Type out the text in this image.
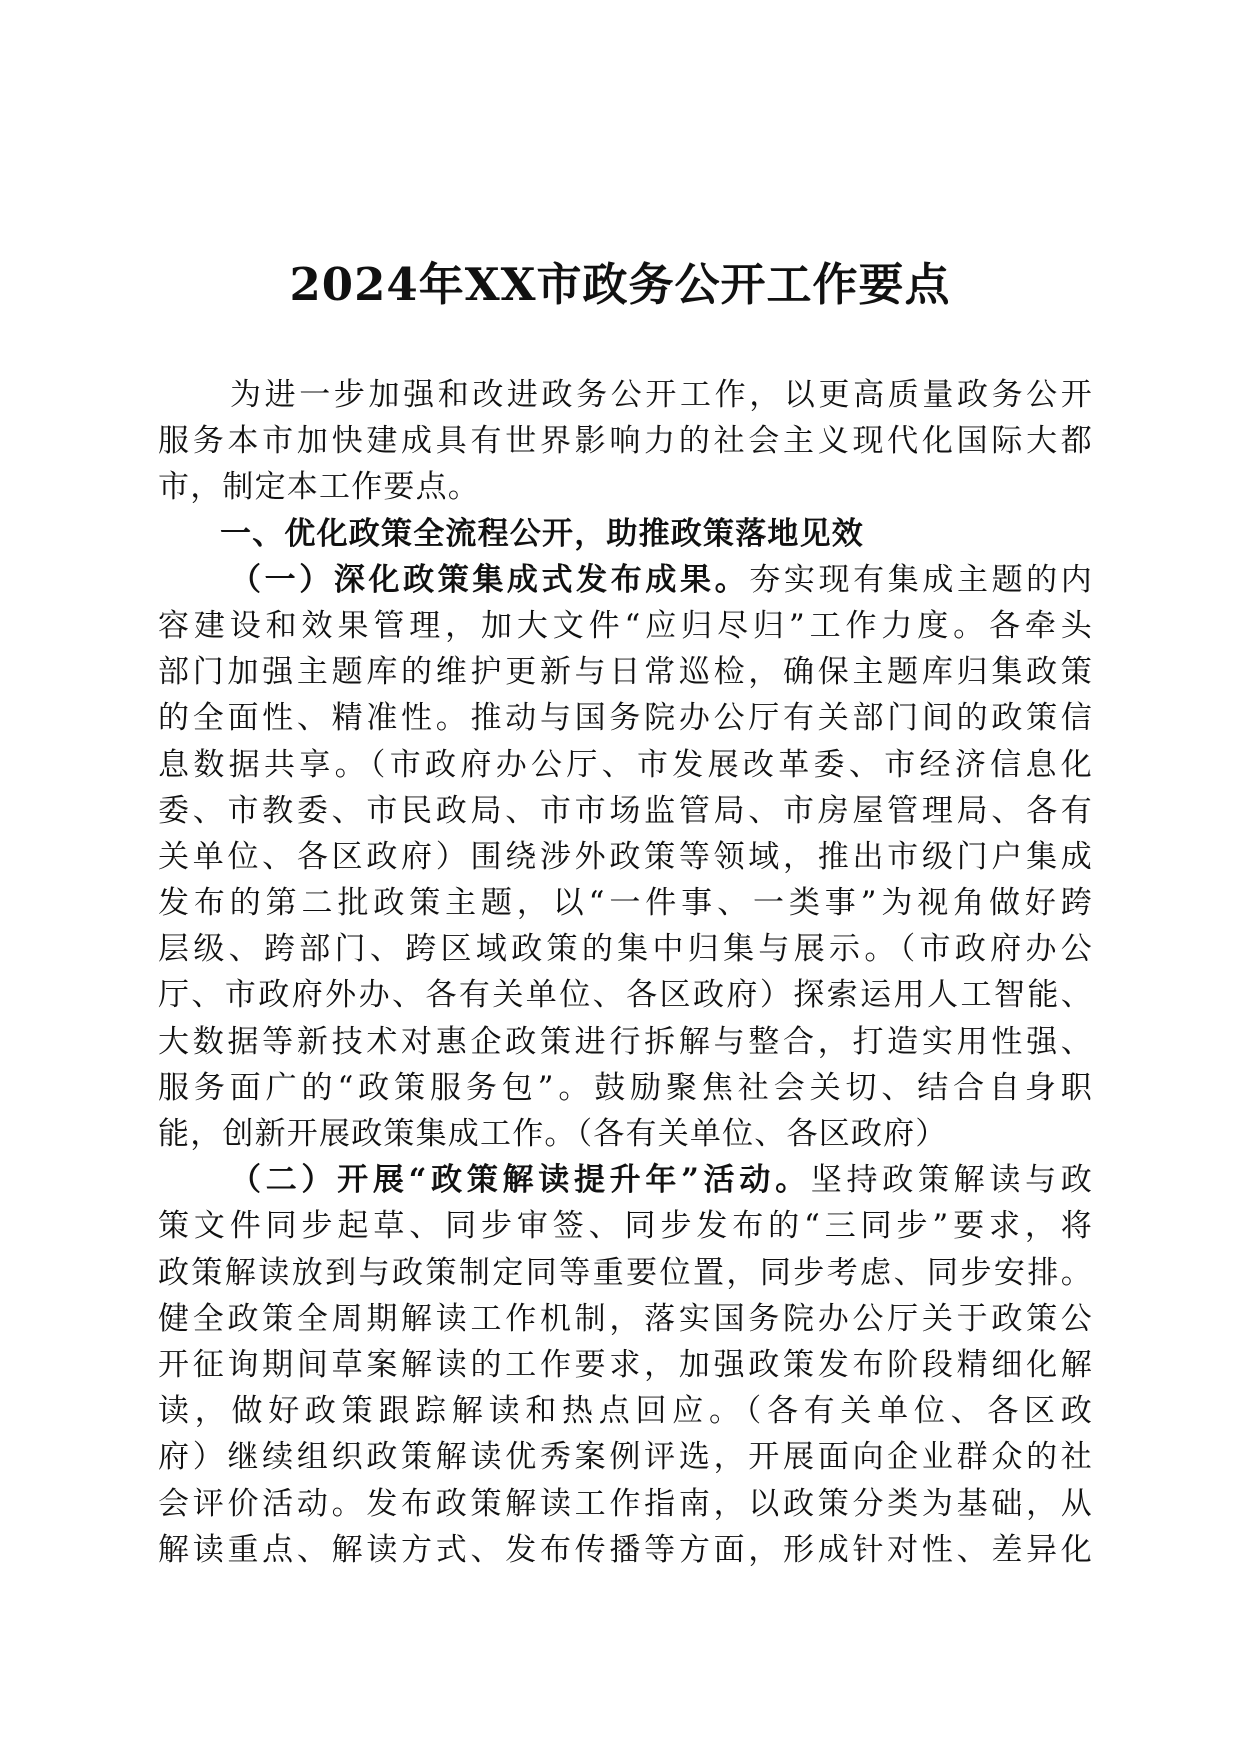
2024年XX市政务公开工作要点
为进一步加强和改进政务公开工作，以更高质量政务公开
服务本市加快建成具有世界影响力的社会主义现代化国际大都
市，制定本工作要点。
一、优化政策全流程公开，助推政策落地见效
（一）深化政策集成式发布成果。夯实现有集成主题的内
容建设和效果管理，加大文件“应归尽归”工作力度。各牵头
部门加强主题库的维护更新与日常巡检，确保主题库归集政策
的全面性、精准性。推动与国务院办公厅有关部门间的政策信
息数据共享。（市政府办公厅、市发展改革委、市经济信息化
委、市教委、市民政局、市市场监管局、市房屋管理局、各有
关单位、各区政府）围绕涉外政策等领域，推出市级门户集成
发布的第二批政策主题，以“一件事、一类事”为视角做好跨
层级、跨部门、跨区域政策的集中归集与展示。（市政府办公
厅、市政府外办、各有关单位、各区政府）探索运用人工智能、
大数据等新技术对惠企政策进行拆解与整合，打造实用性强、
服务面广的“政策服务包”。鼓励聚焦社会关切、结合自身职
能，创新开展政策集成工作。（各有关单位、各区政府）
（二）开展“政策解读提升年”活动。坚持政策解读与政
策文件同步起草、同步审签、同步发布的“三同步”要求，将
政策解读放到与政策制定同等重要位置，同步考虑、同步安排。
健全政策全周期解读工作机制，落实国务院办公厅关于政策公
开征询期间草案解读的工作要求，加强政策发布阶段精细化解
读，做好政策跟踪解读和热点回应。（各有关单位、各区政
府）继续组织政策解读优秀案例评选，开展面向企业群众的社
会评价活动。发布政策解读工作指南，以政策分类为基础，从
解读重点、解读方式、发布传播等方面，形成针对性、差异化
